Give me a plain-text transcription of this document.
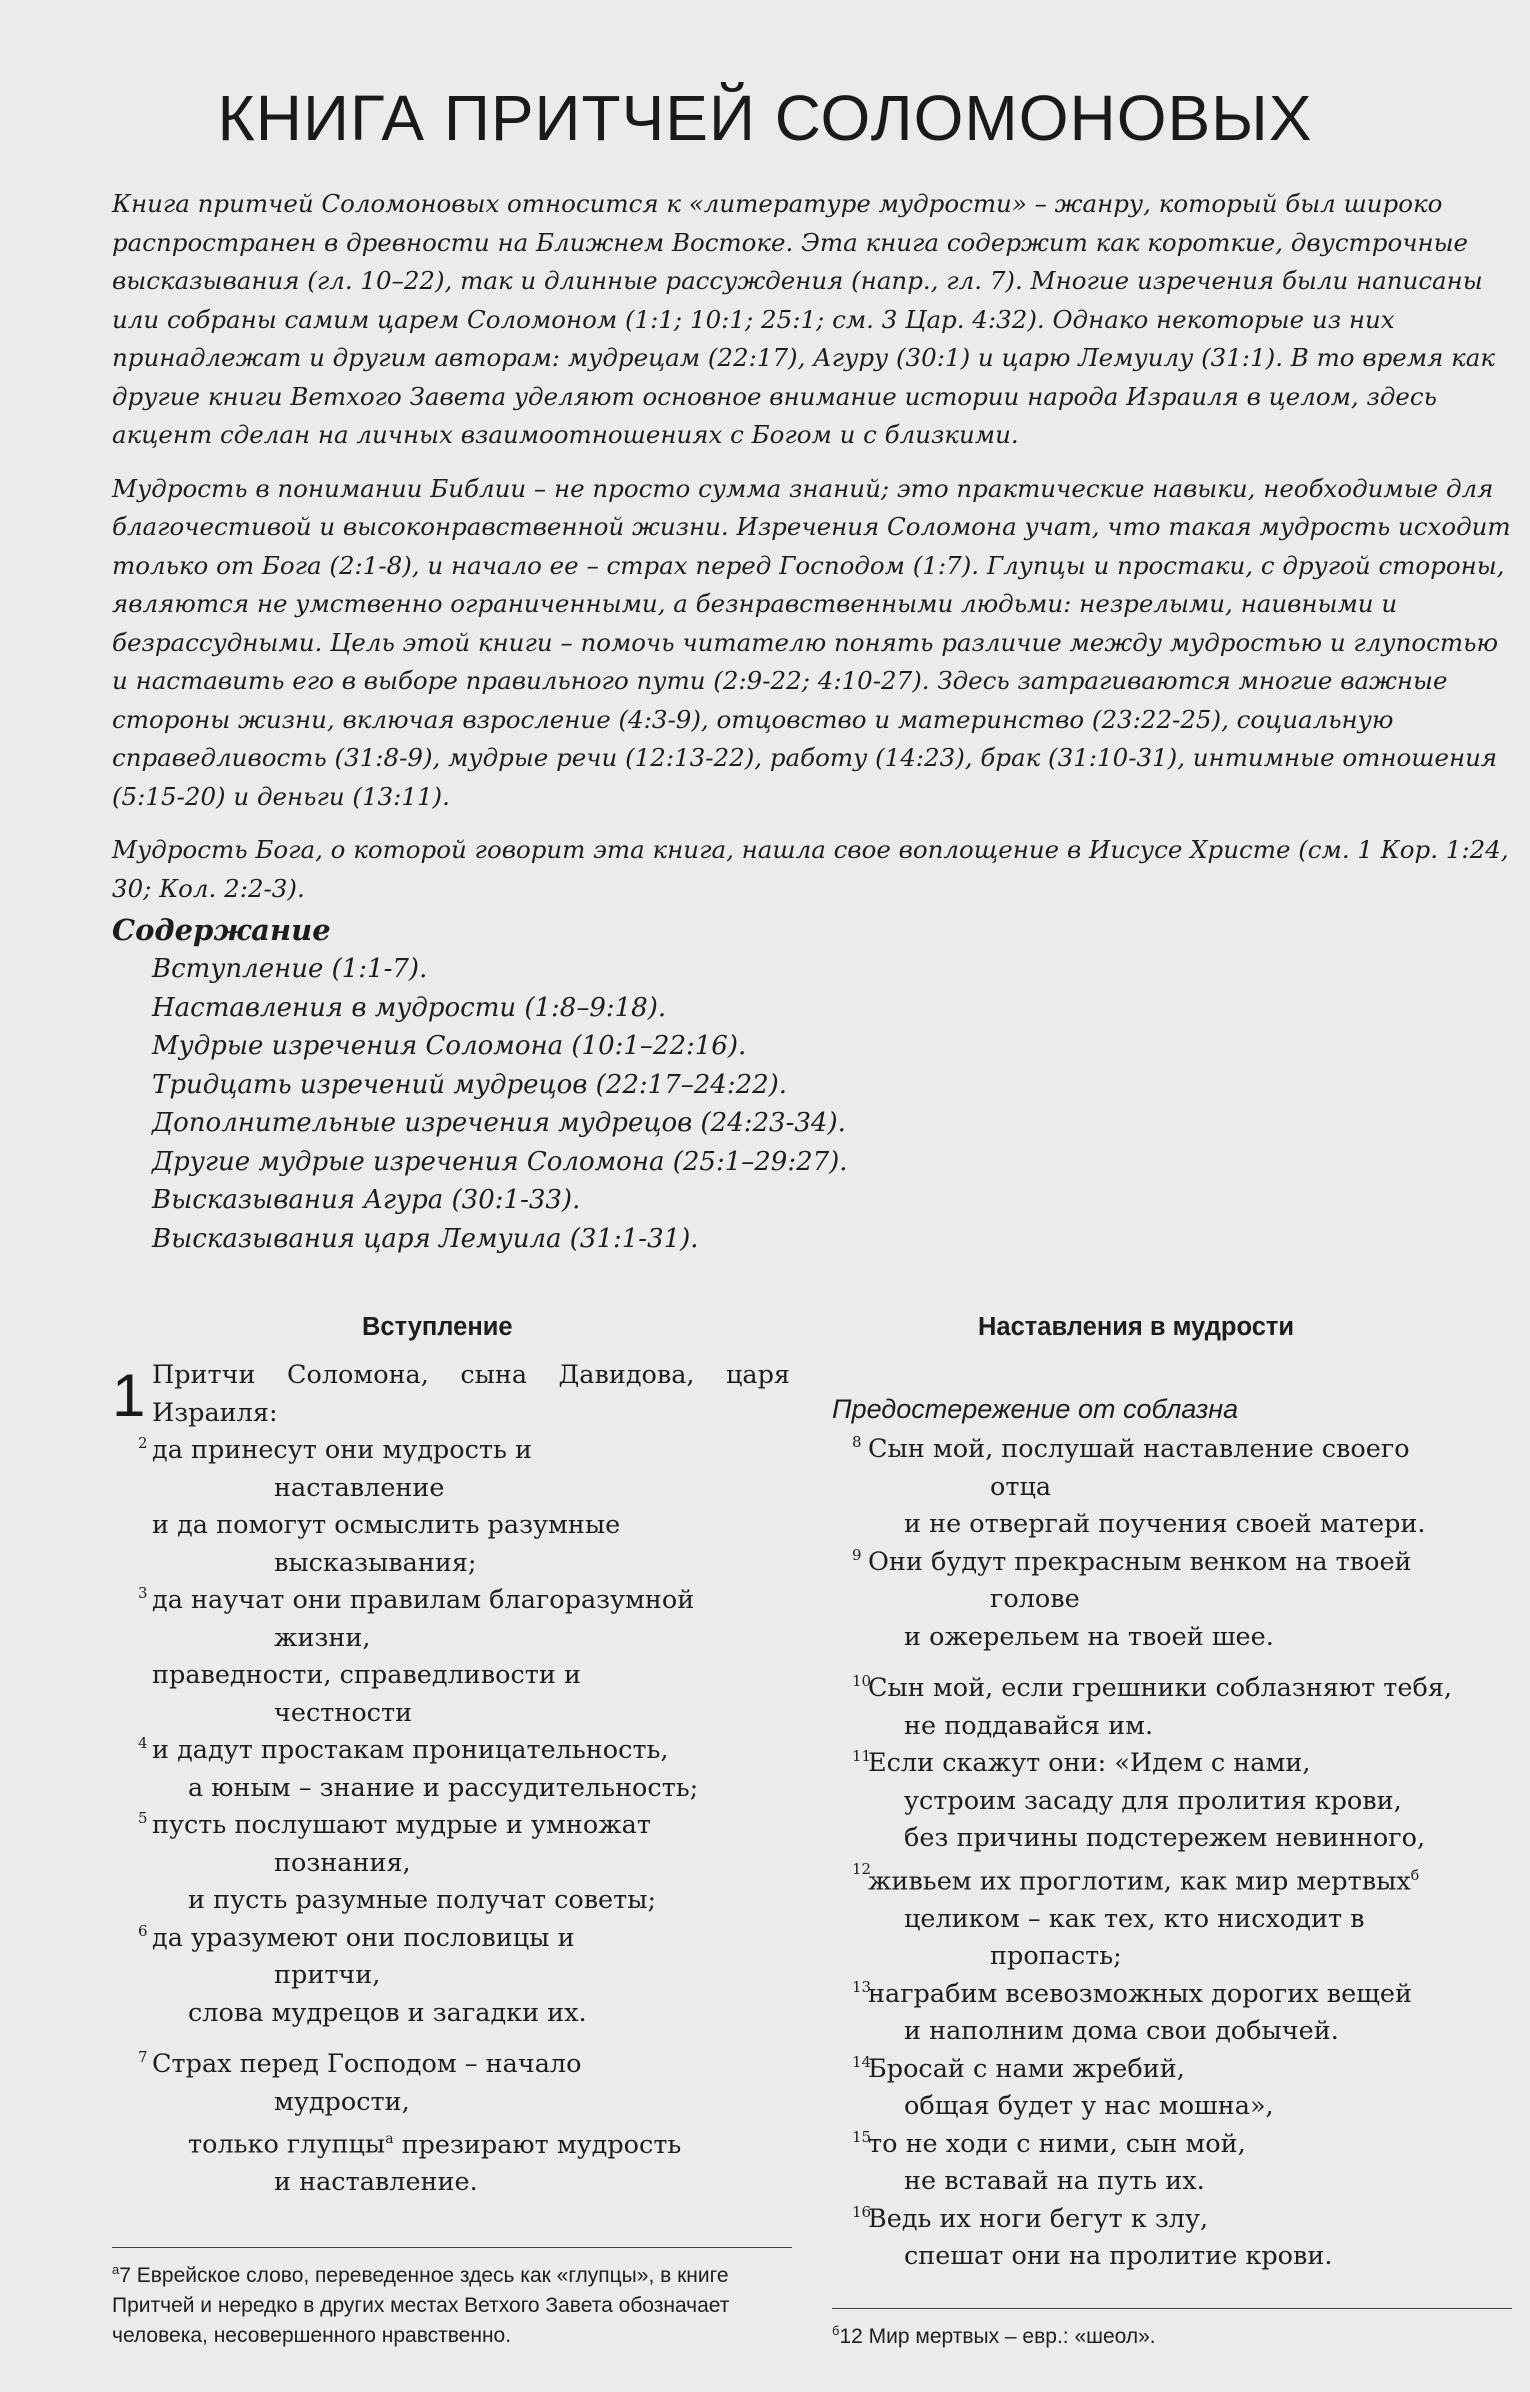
КНИГА ПРИТЧЕЙ СОЛОМОНОВЫХ

Книга притчей Соломоновых относится к «литературе мудрости» – жанру, который был широко распространен в древности на Ближнем Востоке. Эта книга содержит как короткие, двустрочные высказывания (гл. 10–22), так и длинные рассуждения (напр., гл. 7). Многие изречения были написаны или собраны самим царем Соломоном (1:1; 10:1; 25:1; см. 3 Цар. 4:32). Однако некоторые из них принадлежат и другим авторам: мудрецам (22:17), Агуру (30:1) и царю Лемуилу (31:1). В то время как другие книги Ветхого Завета уделяют основное внимание истории народа Израиля в целом, здесь акцент сделан на личных взаимоотношениях с Богом и с близкими.

Мудрость в понимании Библии – не просто сумма знаний; это практические навыки, необходимые для благочестивой и высоконравственной жизни. Изречения Соломона учат, что такая мудрость исходит только от Бога (2:1-8), и начало ее – страх перед Господом (1:7). Глупцы и простаки, с другой стороны, являются не умственно ограниченными, а безнравственными людьми: незрелыми, наивными и безрассудными. Цель этой книги – помочь читателю понять различие между мудростью и глупостью и наставить его в выборе правильного пути (2:9-22; 4:10-27). Здесь затрагиваются многие важные стороны жизни, включая взросление (4:3-9), отцовство и материнство (23:22-25), социальную справедливость (31:8-9), мудрые речи (12:13-22), работу (14:23), брак (31:10-31), интимные отношения (5:15-20) и деньги (13:11).

Мудрость Бога, о которой говорит эта книга, нашла свое воплощение в Иисусе Христе (см. 1 Кор. 1:24, 30; Кол. 2:2-3).

Содержание
Вступление (1:1-7).
Наставления в мудрости (1:8–9:18).
Мудрые изречения Соломона (10:1–22:16).
Тридцать изречений мудрецов (22:17–24:22).
Дополнительные изречения мудрецов (24:23-34).
Другие мудрые изречения Соломона (25:1–29:27).
Высказывания Агура (30:1-33).
Высказывания царя Лемуила (31:1-31).
Вступление
1 Притчи Соломона, сына Давидова, царя
Израиля:
2 да принесут они мудрость и
наставление
и да помогут осмыслить разумные
высказывания;
3 да научат они правилам благоразумной
жизни,
праведности, справедливости и
честности
4 и дадут простакам проницательность,
а юным – знание и рассудительность;
5 пусть послушают мудрые и умножат
познания,
и пусть разумные получат советы;
6 да уразумеют они пословицы и
притчи,
слова мудрецов и загадки их.
7 Страх перед Господом – начало
мудрости,
только глупцы$^а$ презирают мудрость
и наставление.
$^а$7 Еврейское слово, переведенное здесь как «глупцы», в книге Притчей и нередко в других местах Ветхого Завета обозначает человека, несовершенного нравственно.
Наставления в мудрости
Предостережение от соблазна
8 Сын мой, послушай наставление своего
отца
и не отвергай поучения своей матери.
9 Они будут прекрасным венком на твоей
голове
и ожерельем на твоей шее.
10
Сын мой, если грешники соблазняют тебя,
не поддавайся им.
11
Если скажут они: «Идем с нами,
устроим засаду для пролития крови,
без причины подстережем невинного,
12
живьем их проглотим, как мир мертвых$^б$
целиком – как тех, кто нисходит в
пропасть;
13
награбим всевозможных дорогих вещей
и наполним дома свои добычей.
14
Бросай с нами жребий,
общая будет у нас мошна»,
15
то не ходи с ними, сын мой,
не вставай на путь их.
16
Ведь их ноги бегут к злу,
спешат они на пролитие крови.
$^б$12 Мир мертвых – евр.: «шеол».
